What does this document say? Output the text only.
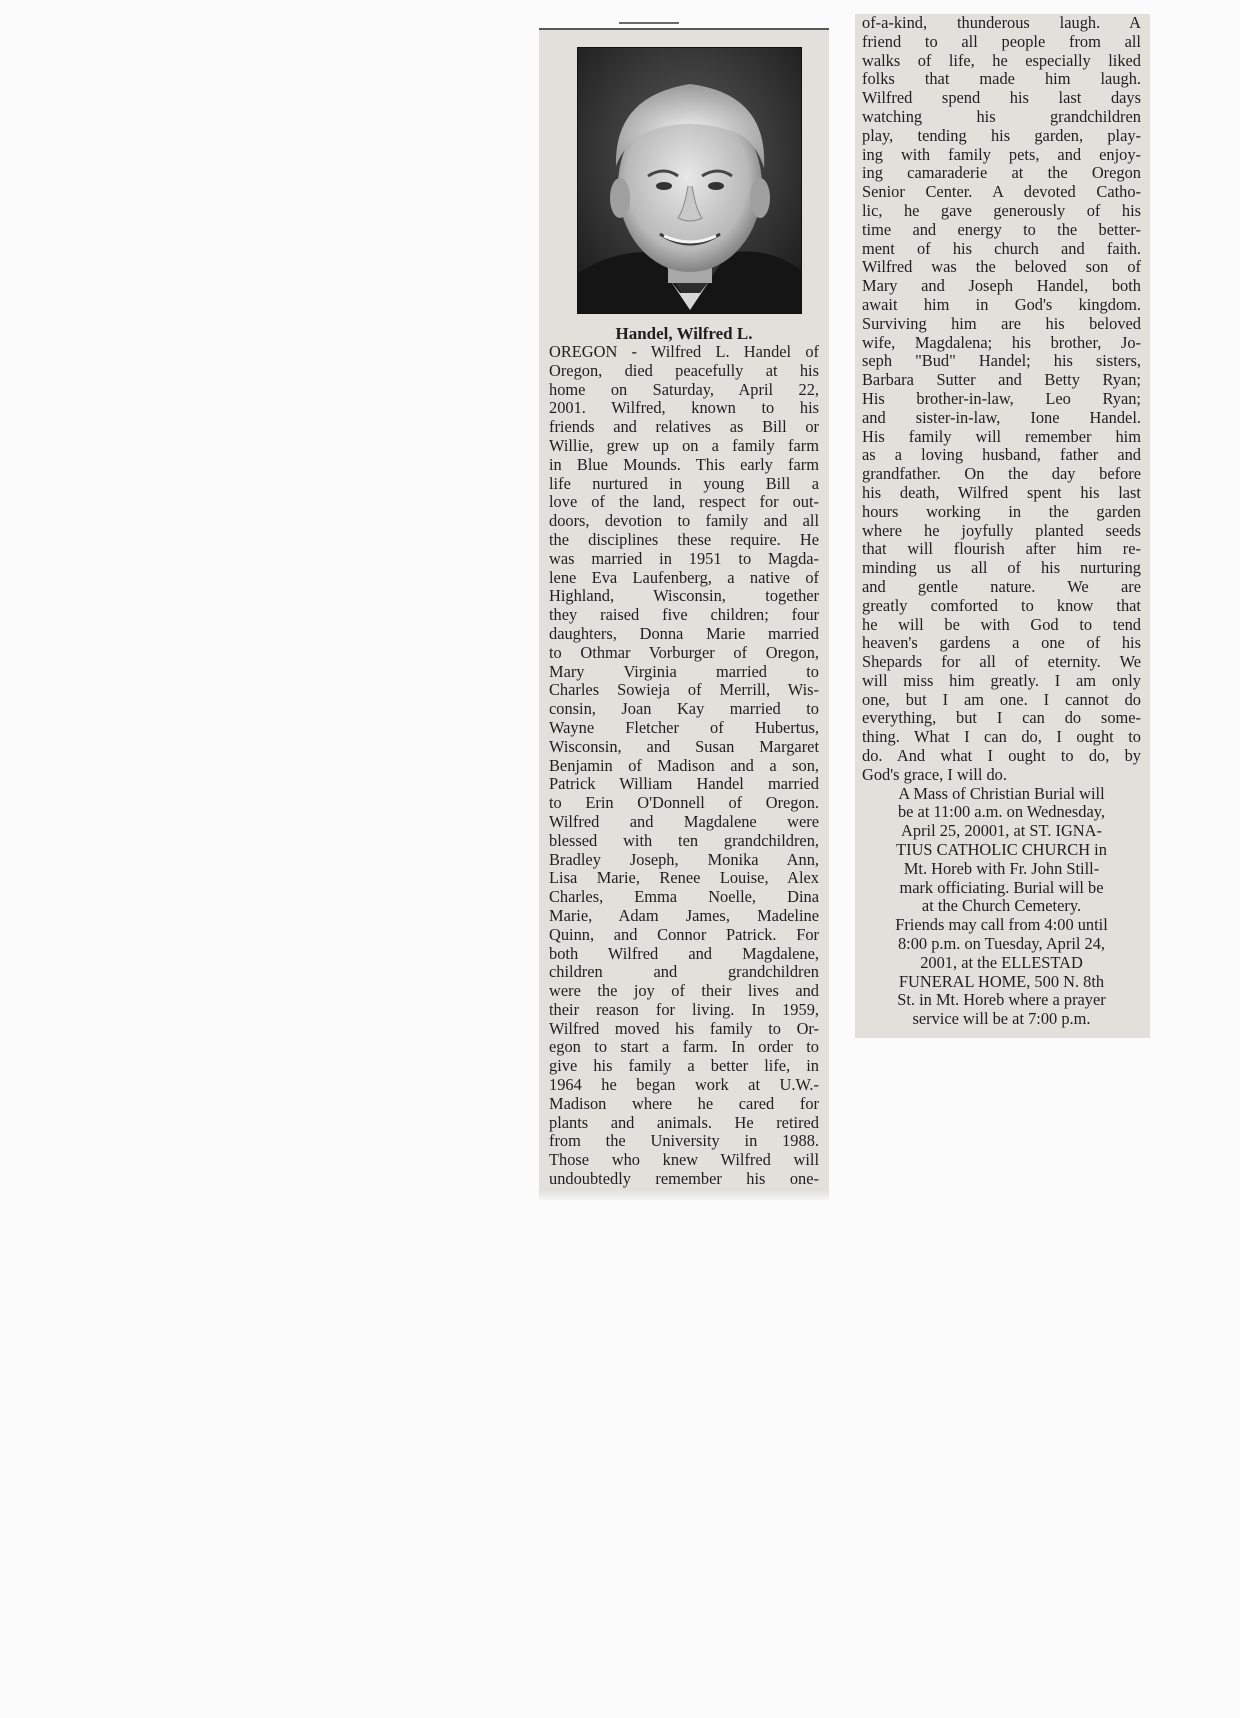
Handel, Wilfred L.
OREGON - Wilfred L. Handel of
Oregon, died peacefully at his
home on Saturday, April 22,
2001. Wilfred, known to his
friends and relatives as Bill or
Willie, grew up on a family farm
in Blue Mounds. This early farm
life nurtured in young Bill a
love of the land, respect for out-
doors, devotion to family and all
the disciplines these require. He
was married in 1951 to Magda-
lene Eva Laufenberg, a native of
Highland, Wisconsin, together
they raised five children; four
daughters, Donna Marie married
to Othmar Vorburger of Oregon,
Mary Virginia married to
Charles Sowieja of Merrill, Wis-
consin, Joan Kay married to
Wayne Fletcher of Hubertus,
Wisconsin, and Susan Margaret
Benjamin of Madison and a son,
Patrick William Handel married
to Erin O'Donnell of Oregon.
Wilfred and Magdalene were
blessed with ten grandchildren,
Bradley Joseph, Monika Ann,
Lisa Marie, Renee Louise, Alex
Charles, Emma Noelle, Dina
Marie, Adam James, Madeline
Quinn, and Connor Patrick. For
both Wilfred and Magdalene,
children and grandchildren
were the joy of their lives and
their reason for living. In 1959,
Wilfred moved his family to Or-
egon to start a farm. In order to
give his family a better life, in
1964 he began work at U.W.-
Madison where he cared for
plants and animals. He retired
from the University in 1988.
Those who knew Wilfred will
undoubtedly remember his one-
of-a-kind, thunderous laugh. A
friend to all people from all
walks of life, he especially liked
folks that made him laugh.
Wilfred spend his last days
watching his grandchildren
play, tending his garden, play-
ing with family pets, and enjoy-
ing camaraderie at the Oregon
Senior Center. A devoted Catho-
lic, he gave generously of his
time and energy to the better-
ment of his church and faith.
Wilfred was the beloved son of
Mary and Joseph Handel, both
await him in God's kingdom.
Surviving him are his beloved
wife, Magdalena; his brother, Jo-
seph "Bud" Handel; his sisters,
Barbara Sutter and Betty Ryan;
His brother-in-law, Leo Ryan;
and sister-in-law, Ione Handel.
His family will remember him
as a loving husband, father and
grandfather. On the day before
his death, Wilfred spent his last
hours working in the garden
where he joyfully planted seeds
that will flourish after him re-
minding us all of his nurturing
and gentle nature. We are
greatly comforted to know that
he will be with God to tend
heaven's gardens a one of his
Shepards for all of eternity. We
will miss him greatly. I am only
one, but I am one. I cannot do
everything, but I can do some-
thing. What I can do, I ought to
do. And what I ought to do, by
God's grace, I will do.
A Mass of Christian Burial will
be at 11:00 a.m. on Wednesday,
April 25, 20001, at ST. IGNA-
TIUS CATHOLIC CHURCH in
Mt. Horeb with Fr. John Still-
mark officiating. Burial will be
at the Church Cemetery.
Friends may call from 4:00 until
8:00 p.m. on Tuesday, April 24,
2001, at the ELLESTAD
FUNERAL HOME, 500 N. 8th
St. in Mt. Horeb where a prayer
service will be at 7:00 p.m.
